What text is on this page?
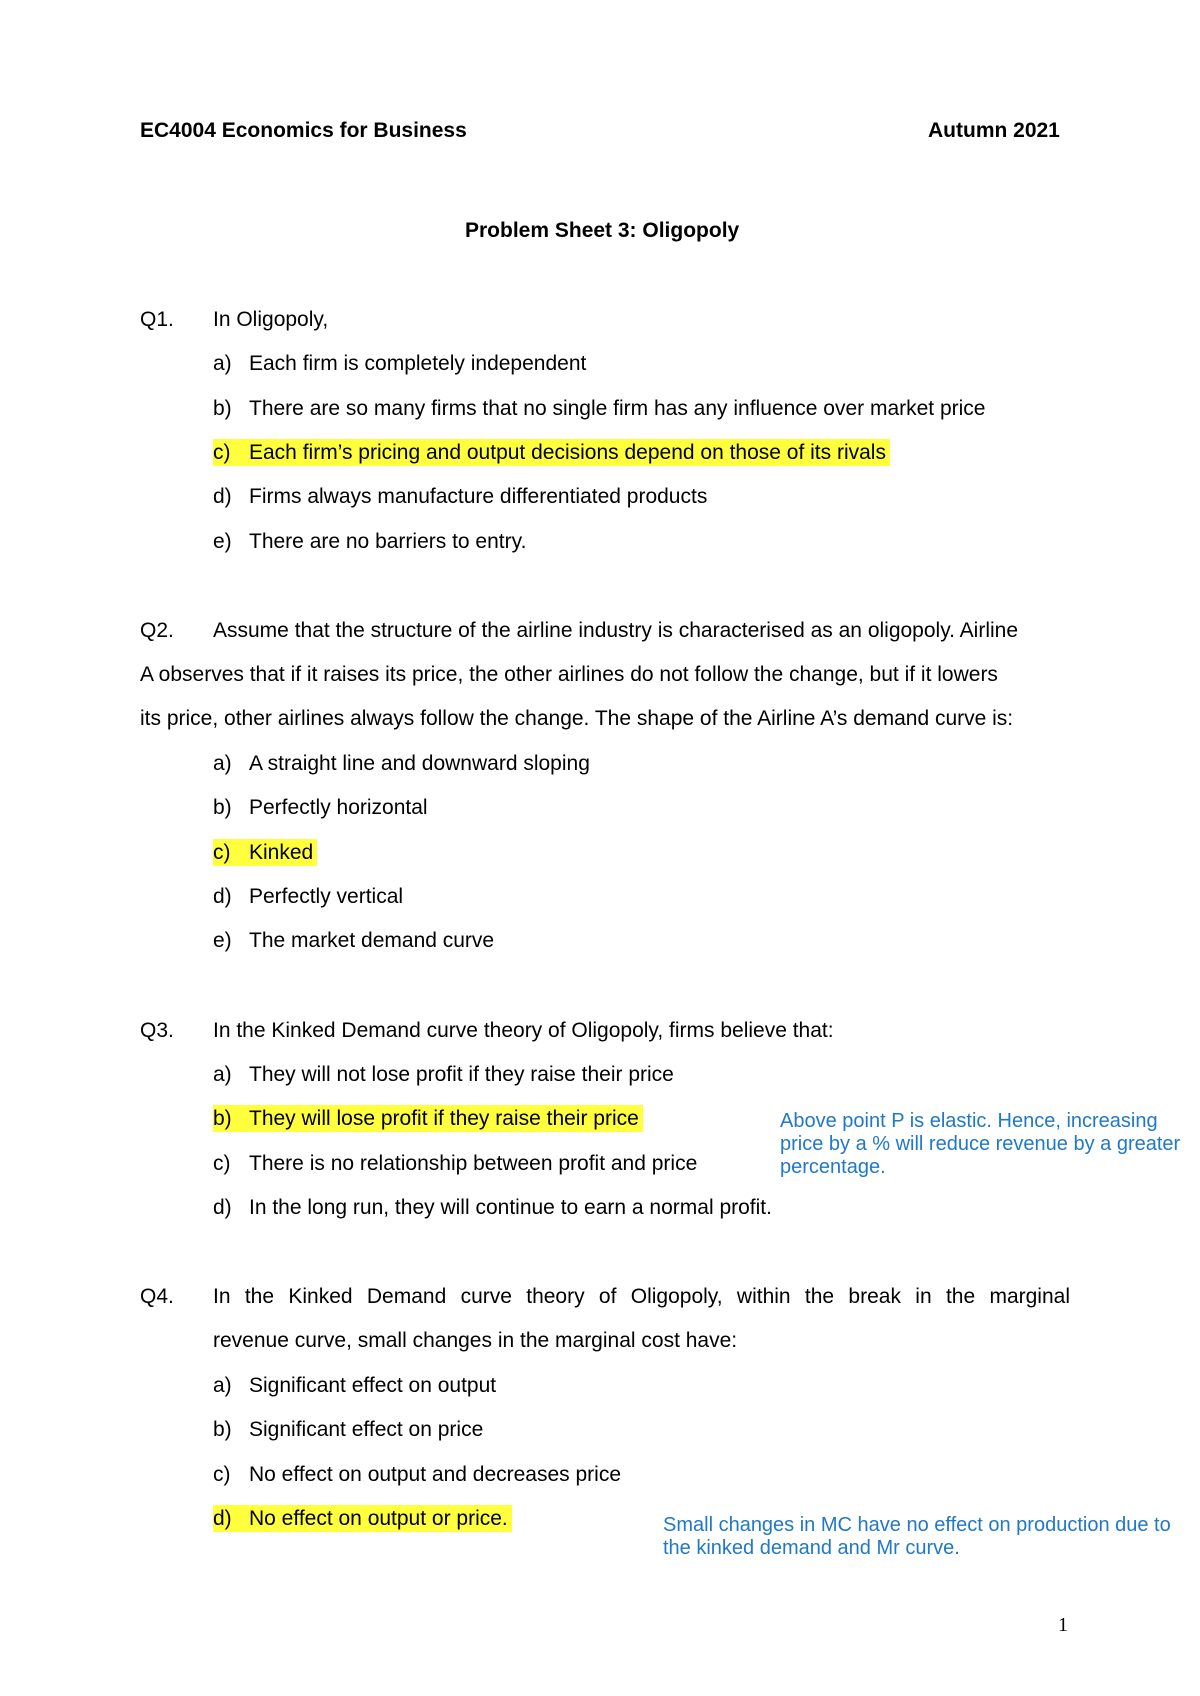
EC4004 Economics for Business	Autumn 2021
Problem Sheet 3: Oligopoly
Q1. In Oligopoly,
a) Each firm is completely independent
b) There are so many firms that no single firm has any influence over market price
c) Each firm’s pricing and output decisions depend on those of its rivals
d) Firms always manufacture differentiated products
e) There are no barriers to entry.
Q2. Assume that the structure of the airline industry is characterised as an oligopoly. Airline
A observes that if it raises its price, the other airlines do not follow the change, but if it lowers
its price, other airlines always follow the change. The shape of the Airline A’s demand curve is:
a) A straight line and downward sloping
b) Perfectly horizontal
c) Kinked
d) Perfectly vertical
e) The market demand curve
Q3. In the Kinked Demand curve theory of Oligopoly, firms believe that:
a) They will not lose profit if they raise their price
b) They will lose profit if they raise their price
c) There is no relationship between profit and price
d) In the long run, they will continue to earn a normal profit.
Above point P is elastic. Hence, increasing price by a % will reduce revenue by a greater percentage.
Q4. In the Kinked Demand curve theory of Oligopoly, within the break in the marginal
revenue curve, small changes in the marginal cost have:
a) Significant effect on output
b) Significant effect on price
c) No effect on output and decreases price
d) No effect on output or price.	Small changes in MC have no effect on production due to the kinked demand and Mr curve.
1
